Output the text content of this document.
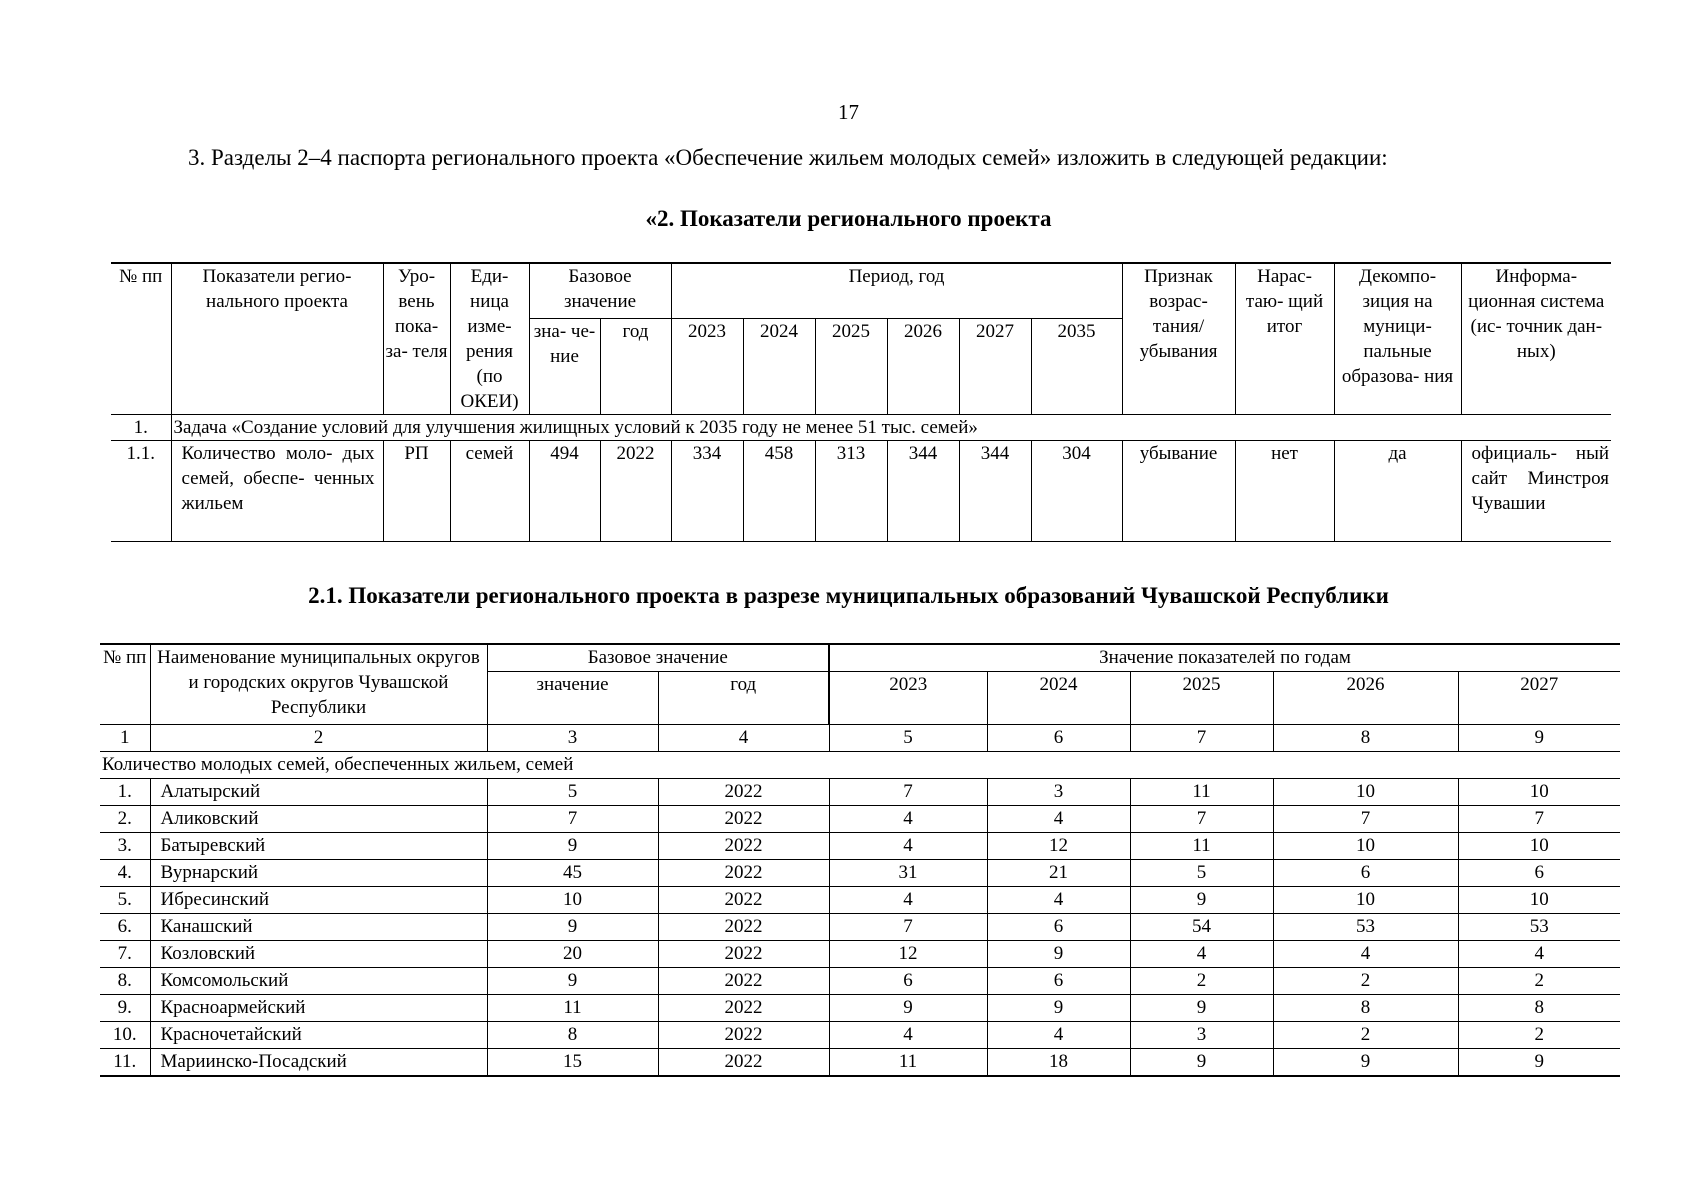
17
3. Разделы 2–4 паспорта регионального проекта «Обеспечение жильем молодых семей» изложить в следующей редакции:
«2. Показатели регионального проекта
№ пп	Показатели регио- нального проекта	Уро- вень пока- за- теля	Еди- ница изме- рения (по ОКЕИ)	Базовое значение		Период, год						Признак возрас- тания/ убывания	Нарас- таю- щий итог	Декомпо- зиция на муници- пальные образова- ния	Информа- ционная система (ис- точник дан- ных)
				зна- че- ние	год	2023	2024	2025	2026	2027	2035				
1.	Задача «Создание условий для улучшения жилищных условий к 2035 году не менее 51 тыс. семей»														
1.1.	Количество моло- дых семей, обеспе- ченных жильем	РП	семей	494	2022	334	458	313	344	344	304	убывание	нет	да	официаль- ный сайт Минстроя Чувашии
2.1. Показатели регионального проекта в разрезе муниципальных образований Чувашской Республики
№ пп	Наименование муниципальных округов и городских округов Чувашской Республики	Базовое значение		Значение показателей по годам				
		значение	год	2023	2024	2025	2026	2027
1	2	3	4	5	6	7	8	9
Количество молодых семей, обеспеченных жильем, семей								
1.	Алатырский	5	2022	7	3	11	10	10
2.	Аликовский	7	2022	4	4	7	7	7
3.	Батыревский	9	2022	4	12	11	10	10
4.	Вурнарский	45	2022	31	21	5	6	6
5.	Ибресинский	10	2022	4	4	9	10	10
6.	Канашский	9	2022	7	6	54	53	53
7.	Козловский	20	2022	12	9	4	4	4
8.	Комсомольский	9	2022	6	6	2	2	2
9.	Красноармейский	11	2022	9	9	9	8	8
10.	Красночетайский	8	2022	4	4	3	2	2
11.	Мариинско-Посадский	15	2022	11	18	9	9	9
